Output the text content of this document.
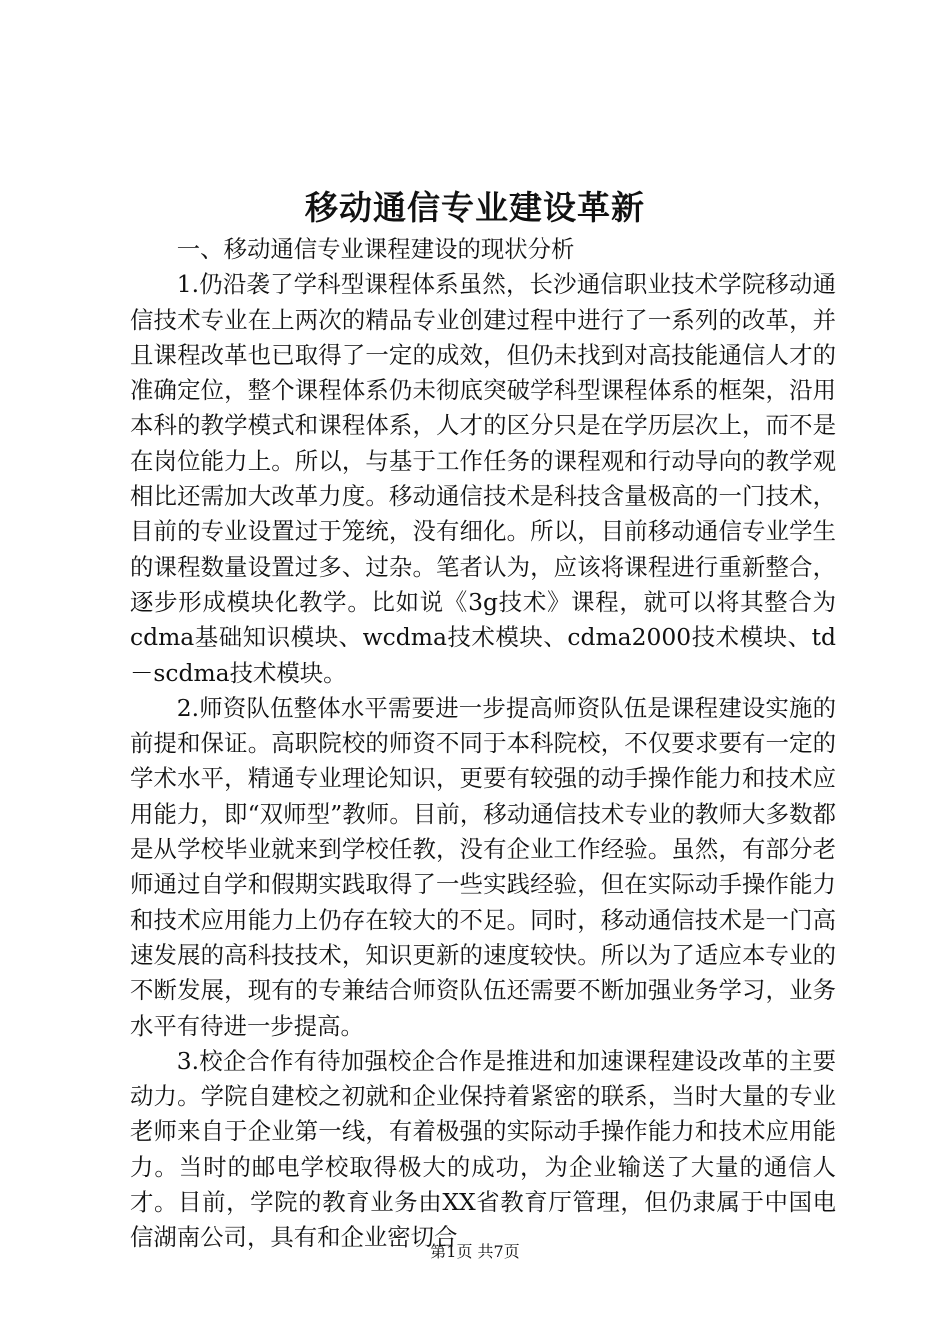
移动通信专业建设革新

一、移动通信专业课程建设的现状分析

1.仍沿袭了学科型课程体系虽然，长沙通信职业技术学院移动通信技术专业在上两次的精品专业创建过程中进行了一系列的改革，并且课程改革也已取得了一定的成效，但仍未找到对高技能通信人才的准确定位，整个课程体系仍未彻底突破学科型课程体系的框架，沿用本科的教学模式和课程体系，人才的区分只是在学历层次上，而不是在岗位能力上。所以，与基于工作任务的课程观和行动导向的教学观相比还需加大改革力度。移动通信技术是科技含量极高的一门技术，目前的专业设置过于笼统，没有细化。所以，目前移动通信专业学生的课程数量设置过多、过杂。笔者认为，应该将课程进行重新整合，逐步形成模块化教学。比如说《3g技术》课程，就可以将其整合为cdma基础知识模块、wcdma技术模块、cdma2000技术模块、td－scdma技术模块。

2.师资队伍整体水平需要进一步提高师资队伍是课程建设实施的前提和保证。高职院校的师资不同于本科院校，不仅要求要有一定的学术水平，精通专业理论知识，更要有较强的动手操作能力和技术应用能力，即“双师型”教师。目前，移动通信技术专业的教师大多数都是从学校毕业就来到学校任教，没有企业工作经验。虽然，有部分老师通过自学和假期实践取得了一些实践经验，但在实际动手操作能力和技术应用能力上仍存在较大的不足。同时，移动通信技术是一门高速发展的高科技技术，知识更新的速度较快。所以为了适应本专业的不断发展，现有的专兼结合师资队伍还需要不断加强业务学习，业务水平有待进一步提高。

3.校企合作有待加强校企合作是推进和加速课程建设改革的主要动力。学院自建校之初就和企业保持着紧密的联系，当时大量的专业老师来自于企业第一线，有着极强的实际动手操作能力和技术应用能力。当时的邮电学校取得极大的成功，为企业输送了大量的通信人才。目前，学院的教育业务由XX省教育厅管理，但仍隶属于中国电信湖南公司，具有和企业密切合

第1页 共7页
